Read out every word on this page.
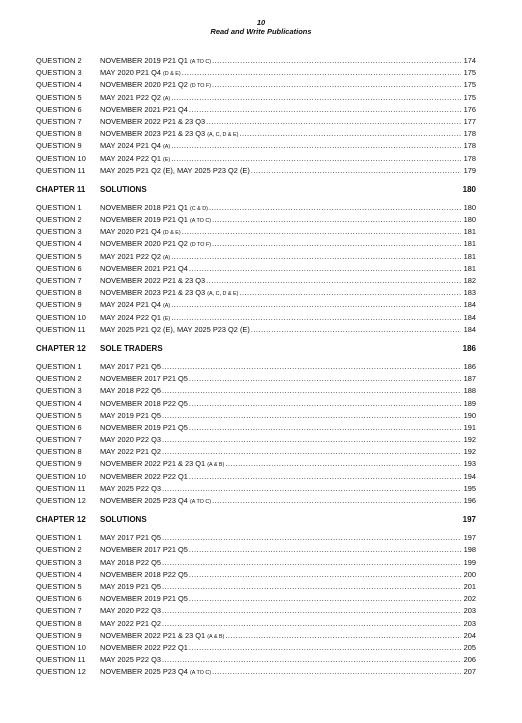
10
Read and Write Publications
QUESTION 2	NOVEMBER 2019 P21 Q1 (A TO C) .....	174
QUESTION 3	MAY 2020 P21 Q4 (D & E) .....	175
QUESTION 4	NOVEMBER 2020 P21 Q2 (D TO F) .....	175
QUESTION 5	MAY 2021 P22 Q2 (A) .....	175
QUESTION 6	NOVEMBER 2021 P21 Q4 .....	176
QUESTION 7	NOVEMBER 2022 P21 & 23 Q3 .....	177
QUESTION 8	NOVEMBER 2023 P21 & 23 Q3 (A, C, D & E) .....	178
QUESTION 9	MAY 2024 P21 Q4 (A) .....	178
QUESTION 10	MAY 2024 P22 Q1 (E) .....	178
QUESTION 11	MAY 2025 P21 Q2 (E), MAY 2025 P23 Q2 (E) .....	179
CHAPTER 11	SOLUTIONS	180
QUESTION 1	NOVEMBER 2018 P21 Q1 (C & D) .....	180
QUESTION 2	NOVEMBER 2019 P21 Q1 (A TO C) .....	180
QUESTION 3	MAY 2020 P21 Q4 (D & E) .....	181
QUESTION 4	NOVEMBER 2020 P21 Q2 (D TO F) .....	181
QUESTION 5	MAY 2021 P22 Q2 (A) .....	181
QUESTION 6	NOVEMBER 2021 P21 Q4 .....	181
QUESTION 7	NOVEMBER 2022 P21 & 23 Q3 .....	182
QUESTION 8	NOVEMBER 2023 P21 & 23 Q3 (A, C, D & E) .....	183
QUESTION 9	MAY 2024 P21 Q4 (A) .....	184
QUESTION 10	MAY 2024 P22 Q1 (E) .....	184
QUESTION 11	MAY 2025 P21 Q2 (E), MAY 2025 P23 Q2 (E) .....	184
CHAPTER 12	SOLE TRADERS	186
QUESTION 1	MAY 2017 P21 Q5 .....	186
QUESTION 2	NOVEMBER 2017 P21 Q5 .....	187
QUESTION 3	MAY 2018 P22 Q5 .....	188
QUESTION 4	NOVEMBER 2018 P22 Q5 .....	189
QUESTION 5	MAY 2019 P21 Q5 .....	190
QUESTION 6	NOVEMBER 2019 P21 Q5 .....	191
QUESTION 7	MAY 2020 P22 Q3 .....	192
QUESTION 8	MAY 2022 P21 Q2 .....	192
QUESTION 9	NOVEMBER 2022 P21 & 23 Q1 (A & B) .....	193
QUESTION 10	NOVEMBER 2022 P22 Q1 .....	194
QUESTION 11	MAY 2025 P22 Q3 .....	195
QUESTION 12	NOVEMBER 2025 P23 Q4 (A TO C) .....	196
CHAPTER 12	SOLUTIONS	197
QUESTION 1	MAY 2017 P21 Q5 .....	197
QUESTION 2	NOVEMBER 2017 P21 Q5 .....	198
QUESTION 3	MAY 2018 P22 Q5 .....	199
QUESTION 4	NOVEMBER 2018 P22 Q5 .....	200
QUESTION 5	MAY 2019 P21 Q5 .....	201
QUESTION 6	NOVEMBER 2019 P21 Q5 .....	202
QUESTION 7	MAY 2020 P22 Q3 .....	203
QUESTION 8	MAY 2022 P21 Q2 .....	203
QUESTION 9	NOVEMBER 2022 P21 & 23 Q1 (A & B) .....	204
QUESTION 10	NOVEMBER 2022 P22 Q1 .....	205
QUESTION 11	MAY 2025 P22 Q3 .....	206
QUESTION 12	NOVEMBER 2025 P23 Q4 (A TO C) .....	207
